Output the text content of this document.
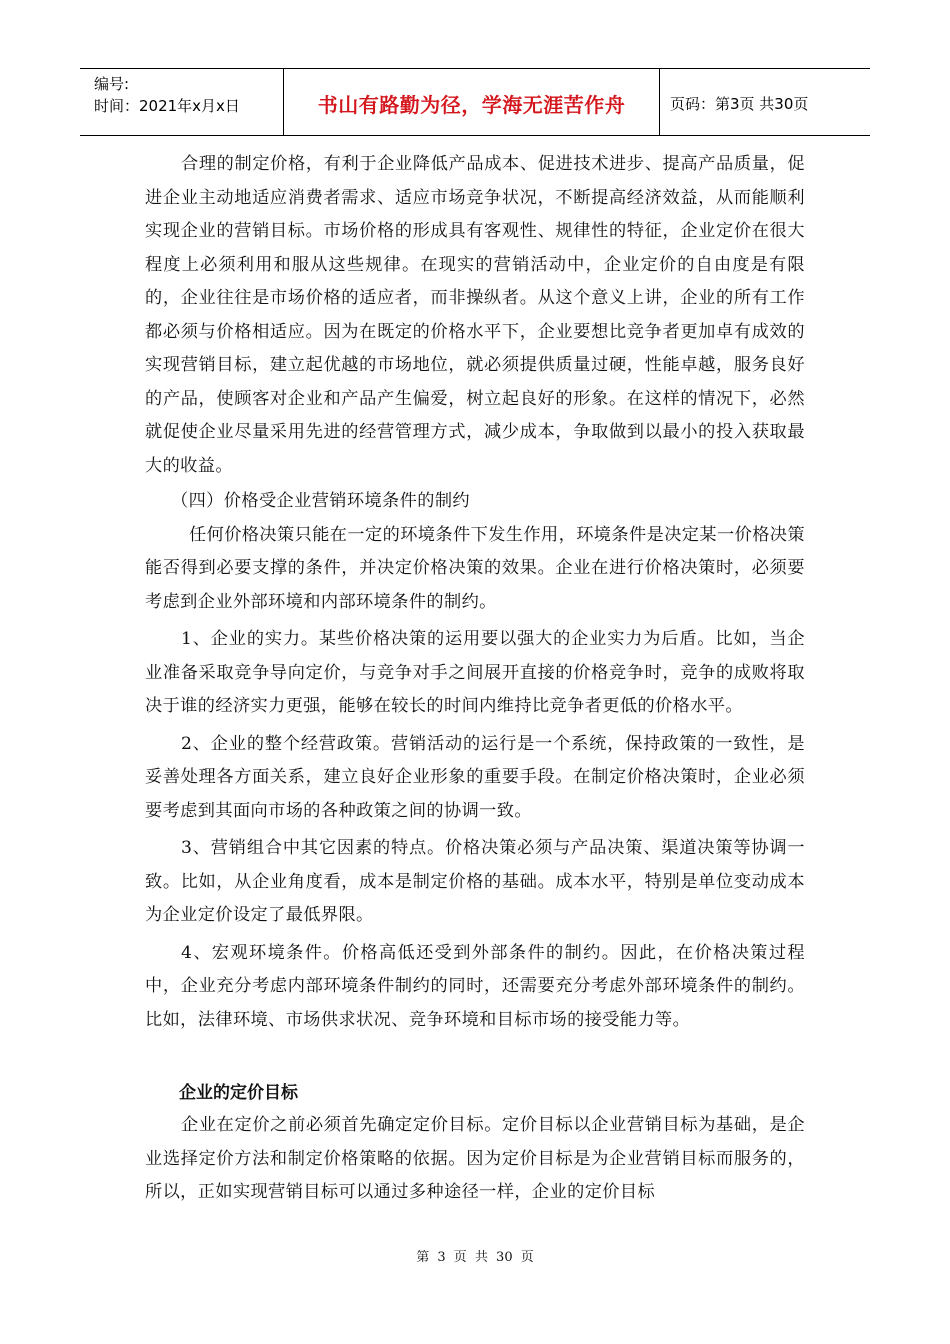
编号:
时间：2021年x月x日	书山有路勤为径，学海无涯苦作舟	页码：第3页 共30页

合理的制定价格，有利于企业降低产品成本、促进技术进步、提高产品质量，促进企业主动地适应消费者需求、适应市场竞争状况，不断提高经济效益，从而能顺利实现企业的营销目标。市场价格的形成具有客观性、规律性的特征，企业定价在很大程度上必须利用和服从这些规律。在现实的营销活动中，企业定价的自由度是有限的，企业往往是市场价格的适应者，而非操纵者。从这个意义上讲，企业的所有工作都必须与价格相适应。因为在既定的价格水平下，企业要想比竞争者更加卓有成效的实现营销目标，建立起优越的市场地位，就必须提供质量过硬，性能卓越，服务良好的产品，使顾客对企业和产品产生偏爱，树立起良好的形象。在这样的情况下，必然就促使企业尽量采用先进的经营管理方式，减少成本，争取做到以最小的投入获取最大的收益。

（四）价格受企业营销环境条件的制约

任何价格决策只能在一定的环境条件下发生作用，环境条件是决定某一价格决策能否得到必要支撑的条件，并决定价格决策的效果。企业在进行价格决策时，必须要考虑到企业外部环境和内部环境条件的制约。

1、企业的实力。某些价格决策的运用要以强大的企业实力为后盾。比如，当企业准备采取竞争导向定价，与竞争对手之间展开直接的价格竞争时，竞争的成败将取决于谁的经济实力更强，能够在较长的时间内维持比竞争者更低的价格水平。

2、企业的整个经营政策。营销活动的运行是一个系统，保持政策的一致性，是妥善处理各方面关系，建立良好企业形象的重要手段。在制定价格决策时，企业必须要考虑到其面向市场的各种政策之间的协调一致。

3、营销组合中其它因素的特点。价格决策必须与产品决策、渠道决策等协调一致。比如，从企业角度看，成本是制定价格的基础。成本水平，特别是单位变动成本为企业定价设定了最低界限。

4、宏观环境条件。价格高低还受到外部条件的制约。因此，在价格决策过程中，企业充分考虑内部环境条件制约的同时，还需要充分考虑外部环境条件的制约。比如，法律环境、市场供求状况、竞争环境和目标市场的接受能力等。

企业的定价目标

企业在定价之前必须首先确定定价目标。定价目标以企业营销目标为基础，是企业选择定价方法和制定价格策略的依据。因为定价目标是为企业营销目标而服务的，所以，正如实现营销目标可以通过多种途径一样，企业的定价目标

第 3 页 共 30 页
